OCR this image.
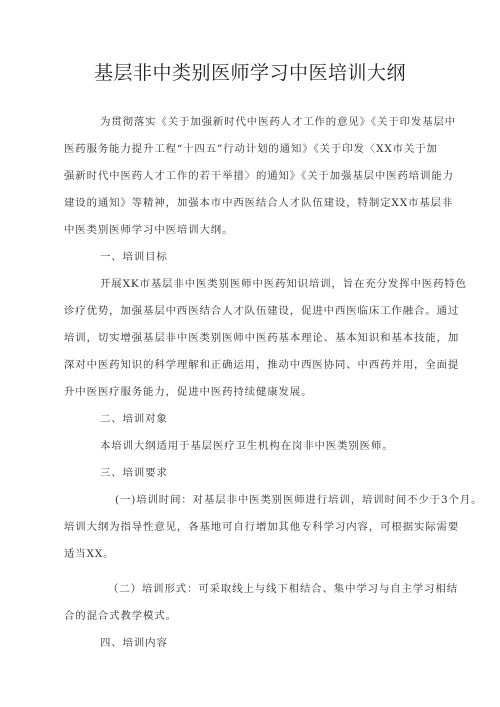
基层非中类别医师学习中医培训大纲
为贯彻落实《关于加强新时代中医药人才工作的意见》《关于印发基层中
医药服务能力提升工程“十四五”行动计划的通知》《关于印发〈XX市关于加
强新时代中医药人才工作的若干举措〉的通知》《关于加强基层中医药培训能力
建设的通知》等精神，加强本市中西医结合人才队伍建设，特制定XX市基层非
中医类别医师学习中医培训大纲。
一、培训目标
开展XK市基层非中医类别医师中医药知识培训，旨在充分发挥中医药特色
诊疗优势，加强基层中西医结合人才队伍建设，促进中西医临床工作融合。通过
培训，切实增强基层非中医类别医师中医药基本理论、基本知识和基本技能，加
深对中医药知识的科学理解和正确运用，推动中西医协同、中西药并用，全面提
升中医医疗服务能力，促进中医药持续健康发展。
二、培训对象
本培训大纲适用于基层医疗卫生机构在岗非中医类别医师。
三、培训要求
(一)培训时间：对基层非中医类别医师进行培训，培训时间不少于3个月。
培训大纲为指导性意见，各基地可自行增加其他专科学习内容，可根据实际需要
适当XX。
（二）培训形式：可采取线上与线下相结合、集中学习与自主学习相结
合的混合式教学模式。
四、培训内容
